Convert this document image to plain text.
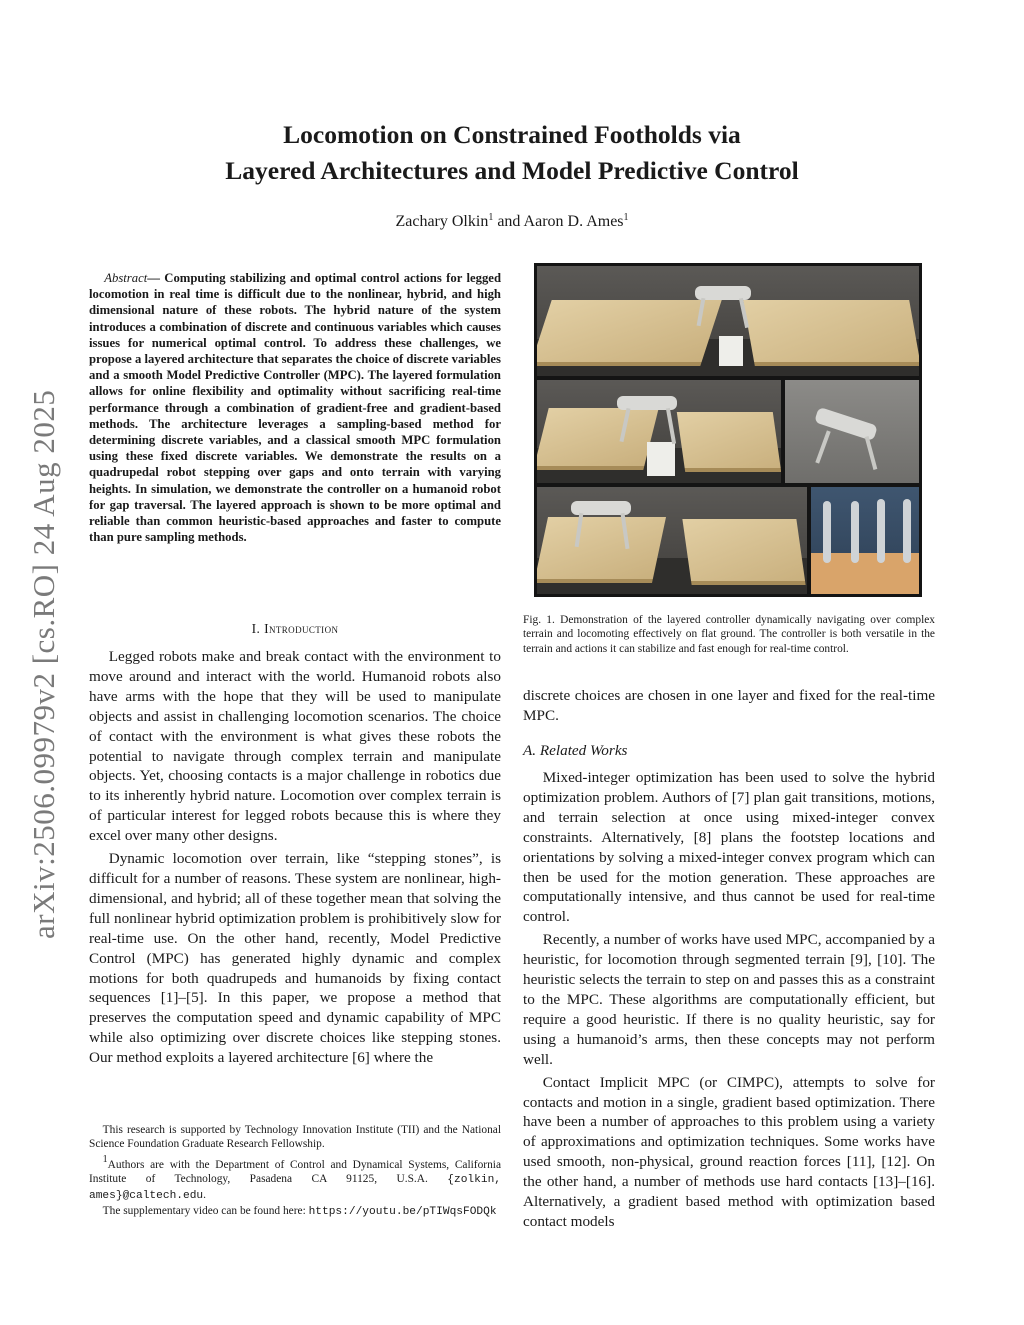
arXiv:2506.09979v2 [cs.RO] 24 Aug 2025
Locomotion on Constrained Footholds via
Layered Architectures and Model Predictive Control
Zachary Olkin$^1$ and Aaron D. Ames$^1$
Abstract— Computing stabilizing and optimal control actions for legged locomotion in real time is difficult due to the nonlinear, hybrid, and high dimensional nature of these robots. The hybrid nature of the system introduces a combination of discrete and continuous variables which causes issues for numerical optimal control. To address these challenges, we propose a layered architecture that separates the choice of discrete variables and a smooth Model Predictive Controller (MPC). The layered formulation allows for online flexibility and optimality without sacrificing real-time performance through a combination of gradient-free and gradient-based methods. The architecture leverages a sampling-based method for determining discrete variables, and a classical smooth MPC formulation using these fixed discrete variables. We demonstrate the results on a quadrupedal robot stepping over gaps and onto terrain with varying heights. In simulation, we demonstrate the controller on a humanoid robot for gap traversal. The layered approach is shown to be more optimal and reliable than common heuristic-based approaches and faster to compute than pure sampling methods.
I. Introduction

Legged robots make and break contact with the environment to move around and interact with the world. Humanoid robots also have arms with the hope that they will be used to manipulate objects and assist in challenging locomotion scenarios. The choice of contact with the environment is what gives these robots the potential to navigate through complex terrain and manipulate objects. Yet, choosing contacts is a major challenge in robotics due to its inherently hybrid nature. Locomotion over complex terrain is of particular interest for legged robots because this is where they excel over many other designs.

Dynamic locomotion over terrain, like “stepping stones”, is difficult for a number of reasons. These system are nonlinear, high-dimensional, and hybrid; all of these together mean that solving the full nonlinear hybrid optimization problem is prohibitively slow for real-time use. On the other hand, recently, Model Predictive Control (MPC) has generated highly dynamic and complex motions for both quadrupeds and humanoids by fixing contact sequences [1]–[5]. In this paper, we propose a method that preserves the computation speed and dynamic capability of MPC while also optimizing over discrete choices like stepping stones. Our method exploits a layered architecture [6] where the

This research is supported by Technology Innovation Institute (TII) and the National Science Foundation Graduate Research Fellowship.

$^1$Authors are with the Department of Control and Dynamical Systems, California Institute of Technology, Pasadena CA 91125, U.S.A. {zolkin, ames}@caltech.edu.

The supplementary video can be found here: https://youtu.be/pTIWqsFODQk

Fig. 1. Demonstration of the layered controller dynamically navigating over complex terrain and locomoting effectively on flat ground. The controller is both versatile in the terrain and actions it can stabilize and fast enough for real-time control.

discrete choices are chosen in one layer and fixed for the real-time MPC.

A. Related Works

Mixed-integer optimization has been used to solve the hybrid optimization problem. Authors of [7] plan gait transitions, motions, and terrain selection at once using mixed-integer convex constraints. Alternatively, [8] plans the footstep locations and orientations by solving a mixed-integer convex program which can then be used for the motion generation. These approaches are computationally intensive, and thus cannot be used for real-time control.

Recently, a number of works have used MPC, accompanied by a heuristic, for locomotion through segmented terrain [9], [10]. The heuristic selects the terrain to step on and passes this as a constraint to the MPC. These algorithms are computationally efficient, but require a good heuristic. If there is no quality heuristic, say for using a humanoid’s arms, then these concepts may not perform well.

Contact Implicit MPC (or CIMPC), attempts to solve for contacts and motion in a single, gradient based optimization. There have been a number of approaches to this problem using a variety of approximations and optimization techniques. Some works have used smooth, non-physical, ground reaction forces [11], [12]. On the other hand, a number of methods use hard contacts [13]–[16]. Alternatively, a gradient based method with optimization based contact models
